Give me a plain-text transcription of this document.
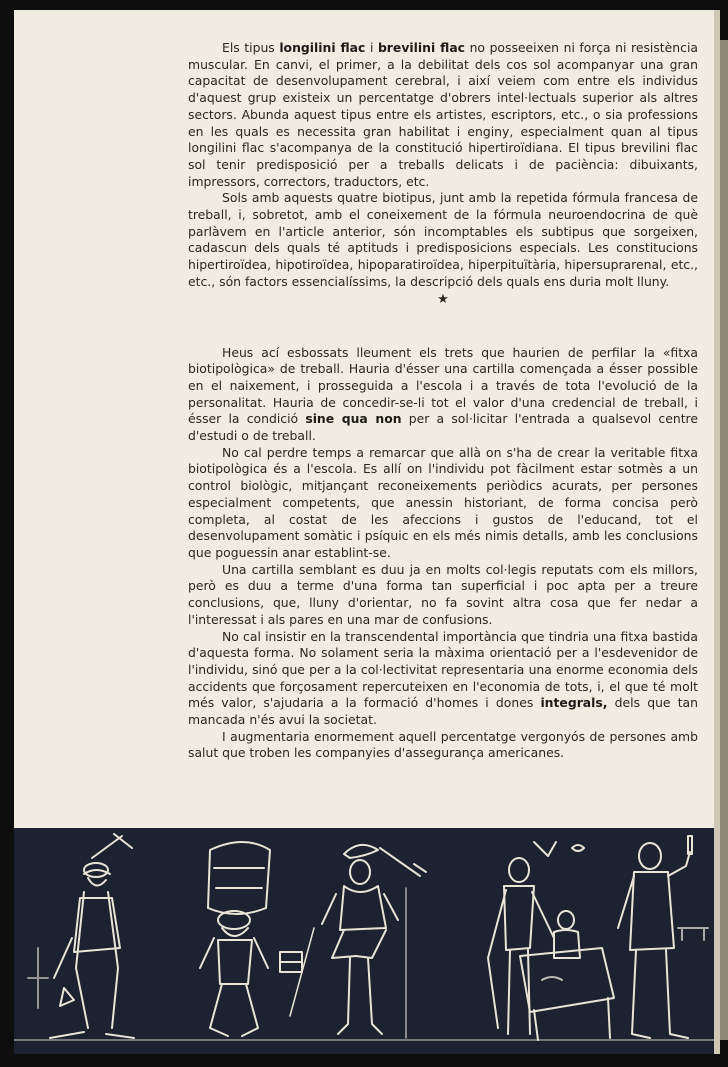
Els tipus longilini flac i brevilini flac no posseeixen ni força ni resistència muscular. En canvi, el primer, a la debilitat dels cos sol acompanyar una gran capacitat de desenvolupament cerebral, i així veiem com entre els individus d'aquest grup existeix un percentatge d'obrers intel·lectuals superior als altres sectors. Abunda aquest tipus entre els artistes, escriptors, etc., o sia professions en les quals es necessita gran habilitat i enginy, especialment quan al tipus longilini flac s'acompanya de la constitució hipertiroïdiana. El tipus brevilini flac sol tenir predisposició per a treballs delicats i de paciència: dibuixants, impressors, correctors, traductors, etc.

Sols amb aquests quatre biotipus, junt amb la repetida fórmula francesa de treball, i, sobretot, amb el coneixement de la fórmula neuroendocrina de què parlàvem en l'article anterior, són incomptables els subtipus que sorgeixen, cadascun dels quals té aptituds i predisposicions especials. Les constitucions hipertiroïdea, hipotiroïdea, hipoparatiroïdea, hiperpituïtària, hipersuprarenal, etc., etc., són factors essencialíssims, la descripció dels quals ens duria molt lluny.

★

Heus ací esbossats lleument els trets que haurien de perfilar la «fitxa biotipològica» de treball. Hauria d'ésser una cartilla començada a ésser possible en el naixement, i prosseguida a l'escola i a través de tota l'evolució de la personalitat. Hauria de concedir-se-li tot el valor d'una credencial de treball, i ésser la condició sine qua non per a sol·licitar l'entrada a qualsevol centre d'estudi o de treball.

No cal perdre temps a remarcar que allà on s'ha de crear la veritable fitxa biotipològica és a l'escola. Es allí on l'individu pot fàcilment estar sotmès a un control biològic, mitjançant reconeixements periòdics acurats, per persones especialment competents, que anessin historiant, de forma concisa però completa, al costat de les afeccions i gustos de l'educand, tot el desenvolupament somàtic i psíquic en els més nimis detalls, amb les conclusions que poguessin anar establint-se.

Una cartilla semblant es duu ja en molts col·legis reputats com els millors, però es duu a terme d'una forma tan superficial i poc apta per a treure conclusions, que, lluny d'orientar, no fa sovint altra cosa que fer nedar a l'interessat i als pares en una mar de confusions.

No cal insistir en la transcendental importància que tindria una fitxa bastida d'aquesta forma. No solament seria la màxima orientació per a l'esdevenidor de l'individu, sinó que per a la col·lectivitat representaria una enorme economia dels accidents que forçosament repercuteixen en l'economia de tots, i, el que té molt més valor, s'ajudaria a la formació d'homes i dones integrals, dels que tan mancada n'és avui la societat.

I augmentaria enormement aquell percentatge vergonyós de persones amb salut que troben les companyies d'assegurança americanes.
